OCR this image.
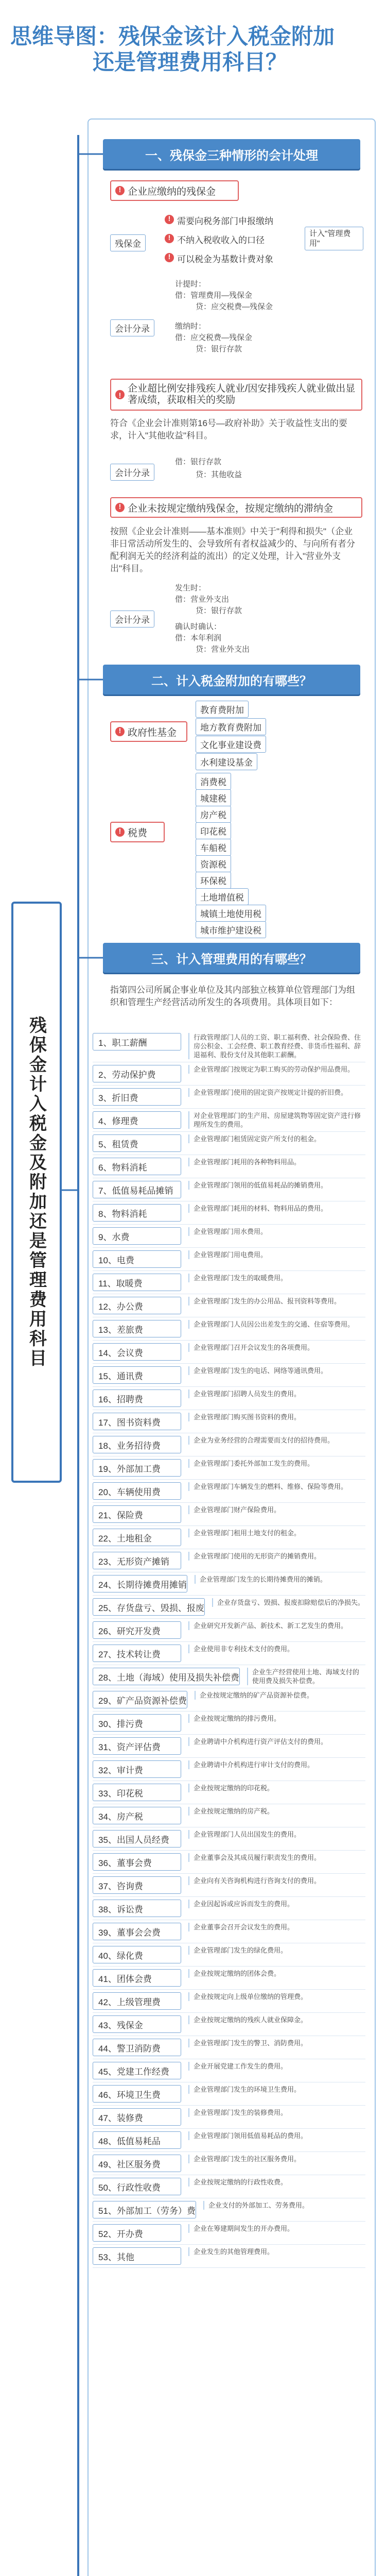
思维导图：残保金该计入税金附加
还是管理费用科目？
残保金计入税金及附加还是管理费用科目
一、残保金三种情形的会计处理
!
企业应缴纳的残保金
残保金
!需要向税务部门申报缴纳
!不纳入税收收入的口径
!可以税金为基数计费对象
计入"管理费用"
会计分录
计提时：
借：管理费用—残保金
贷：应交税费—残保金
缴纳时：
借：应交税费—残保金
贷：银行存款
!
企业超比例安排残疾人就业/因安排残疾人就业做出显著成绩，获取相关的奖励
符合《企业会计准则第16号—政府补助》关于收益性支出的要求，计入"其他收益"科目。
会计分录
借：银行存款
贷：其他收益
!
企业未按规定缴纳残保金，按规定缴纳的滞纳金
按照《企业会计准则——基本准则》中关于"利得和损失"（企业非日常活动所发生的、会导致所有者权益减少的、与向所有者分配利润无关的经济利益的流出）的定义处理，计入"营业外支出"科目。
会计分录
发生时：
借：营业外支出
贷：银行存款
确认时确认：
借：本年利润
贷：营业外支出
二、计入税金附加的有哪些？
!
政府性基金
教育费附加
地方教育费附加
文化事业建设费
水利建设基金
!
税费
消费税
城建税
房产税
印花税
车船税
资源税
环保税
土地增值税
城镇土地使用税
城市维护建设税
三、计入管理费用的有哪些？
指第四公司所属企事业单位及其内部独立核算单位管理部门为组织和管理生产经营活动所发生的各项费用。具体项目如下：
1、职工薪酬
行政管理部门人员的工资、职工福利费、社会保险费、住房公积金、工会经费、职工教育经费、非货币性福利、辞退福利、股份支付及其他职工薪酬。
2、劳动保护费
企业管理部门按规定为职工购买的劳动保护用品费用。
3、折旧费
企业管理部门使用的固定资产按规定计提的折旧费。
4、修理费
对企业管理部门的生产用、房屋建筑物等固定资产进行修理所发生的费用。
5、租赁费
企业管理部门租赁固定资产所支付的租金。
6、物料消耗
企业管理部门耗用的各种物料用品。
7、低值易耗品摊销
企业管理部门领用的低值易耗品的摊销费用。
8、物料消耗
企业管理部门耗用的材料、物料用品的费用。
9、水费
企业管理部门用水费用。
10、电费
企业管理部门用电费用。
11、取暖费
企业管理部门发生的取暖费用。
12、办公费
企业管理部门发生的办公用品、报刊资料等费用。
13、差旅费
企业管理部门人员因公出差发生的交通、住宿等费用。
14、会议费
企业管理部门召开会议发生的各项费用。
15、通讯费
企业管理部门发生的电话、网络等通讯费用。
16、招聘费
企业管理部门招聘人员发生的费用。
17、图书资料费
企业管理部门购买图书资料的费用。
18、业务招待费
企业为业务经营的合理需要而支付的招待费用。
19、外部加工费
企业管理部门委托外部加工发生的费用。
20、车辆使用费
企业管理部门车辆发生的燃料、维修、保险等费用。
21、保险费
企业管理部门财产保险费用。
22、土地租金
企业管理部门租用土地支付的租金。
23、无形资产摊销
企业管理部门使用的无形资产的摊销费用。
24、长期待摊费用摊销
企业管理部门发生的长期待摊费用的摊销。
25、存货盘亏、毁损、报废
企业存货盘亏、毁损、报废扣除赔偿后的净损失。
26、研究开发费
企业研究开发新产品、新技术、新工艺发生的费用。
27、技术转让费
企业使用非专利技术支付的费用。
28、土地（海域）使用及损失补偿费
企业生产经营使用土地、海域支付的使用费及损失补偿费。
29、矿产品资源补偿费
企业按规定缴纳的矿产品资源补偿费。
30、排污费
企业按规定缴纳的排污费用。
31、资产评估费
企业聘请中介机构进行资产评估支付的费用。
32、审计费
企业聘请中介机构进行审计支付的费用。
33、印花税
企业按规定缴纳的印花税。
34、房产税
企业按规定缴纳的房产税。
35、出国人员经费
企业管理部门人员出国发生的费用。
36、董事会费
企业董事会及其成员履行职责发生的费用。
37、咨询费
企业向有关咨询机构进行咨询支付的费用。
38、诉讼费
企业因起诉或应诉而发生的费用。
39、董事会会费
企业董事会召开会议发生的费用。
40、绿化费
企业管理部门发生的绿化费用。
41、团体会费
企业按规定缴纳的团体会费。
42、上级管理费
企业按规定向上级单位缴纳的管理费。
43、残保金
企业按规定缴纳的残疾人就业保障金。
44、警卫消防费
企业管理部门发生的警卫、消防费用。
45、党建工作经费
企业开展党建工作发生的费用。
46、环境卫生费
企业管理部门发生的环境卫生费用。
47、装修费
企业管理部门发生的装修费用。
48、低值易耗品
企业管理部门领用低值易耗品的费用。
49、社区服务费
企业管理部门发生的社区服务费用。
50、行政性收费
企业按规定缴纳的行政性收费。
51、外部加工（劳务）费
企业支付的外部加工、劳务费用。
52、开办费
企业在筹建期间发生的开办费用。
53、其他
企业发生的其他管理费用。
